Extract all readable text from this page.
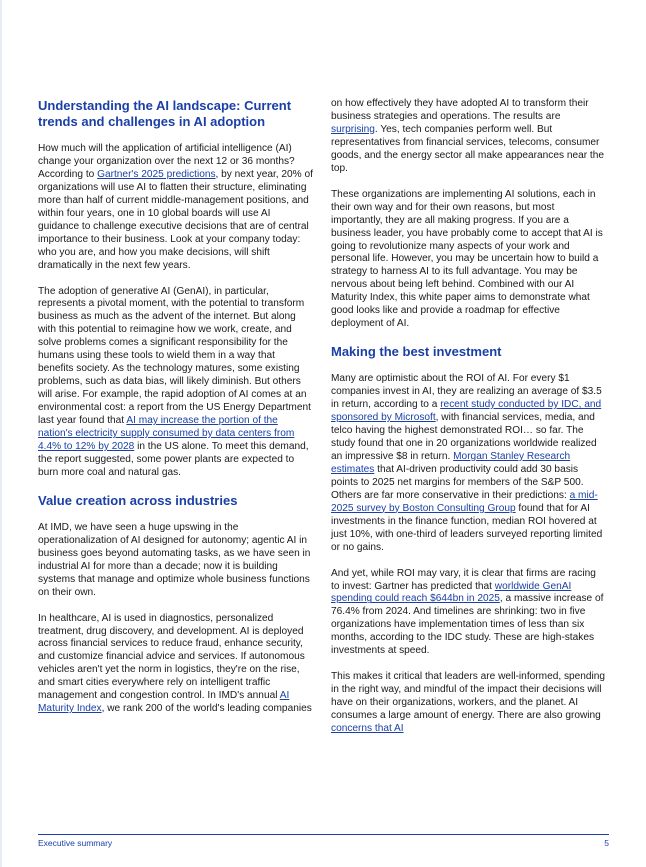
Understanding the AI landscape: Current trends and challenges in AI adoption

How much will the application of artificial intelligence (AI) change your organization over the next 12 or 36 months? According to Gartner's 2025 predictions, by next year, 20% of organizations will use AI to flatten their structure, eliminating more than half of current middle-management positions, and within four years, one in 10 global boards will use AI guidance to challenge executive decisions that are of central importance to their business. Look at your company today: who you are, and how you make decisions, will shift dramatically in the next few years.

The adoption of generative AI (GenAI), in particular, represents a pivotal moment, with the potential to transform business as much as the advent of the internet. But along with this potential to reimagine how we work, create, and solve problems comes a significant responsibility for the humans using these tools to wield them in a way that benefits society. As the technology matures, some existing problems, such as data bias, will likely diminish. But others will arise. For example, the rapid adoption of AI comes at an environmental cost: a report from the US Energy Department last year found that AI may increase the portion of the nation's electricity supply consumed by data centers from 4.4% to 12% by 2028 in the US alone. To meet this demand, the report suggested, some power plants are expected to burn more coal and natural gas.

Value creation across industries

At IMD, we have seen a huge upswing in the operationalization of AI designed for autonomy; agentic AI in business goes beyond automating tasks, as we have seen in industrial AI for more than a decade; now it is building systems that manage and optimize whole business functions on their own.

In healthcare, AI is used in diagnostics, personalized treatment, drug discovery, and development. AI is deployed across financial services to reduce fraud, enhance security, and customize financial advice and services. If autonomous vehicles aren't yet the norm in logistics, they're on the rise, and smart cities everywhere rely on intelligent traffic management and congestion control. In IMD's annual AI Maturity Index, we rank 200 of the world's leading companies

on how effectively they have adopted AI to transform their business strategies and operations. The results are surprising. Yes, tech companies perform well. But representatives from financial services, telecoms, consumer goods, and the energy sector all make appearances near the top.

These organizations are implementing AI solutions, each in their own way and for their own reasons, but most importantly, they are all making progress. If you are a business leader, you have probably come to accept that AI is going to revolutionize many aspects of your work and personal life. However, you may be uncertain how to build a strategy to harness AI to its full advantage. You may be nervous about being left behind. Combined with our AI Maturity Index, this white paper aims to demonstrate what good looks like and provide a roadmap for effective deployment of AI.

Making the best investment

Many are optimistic about the ROI of AI. For every $1 companies invest in AI, they are realizing an average of $3.5 in return, according to a recent study conducted by IDC, and sponsored by Microsoft, with financial services, media, and telco having the highest demonstrated ROI… so far. The study found that one in 20 organizations worldwide realized an impressive $8 in return. Morgan Stanley Research estimates that AI-driven productivity could add 30 basis points to 2025 net margins for members of the S&P 500. Others are far more conservative in their predictions: a mid-2025 survey by Boston Consulting Group found that for AI investments in the finance function, median ROI hovered at just 10%, with one-third of leaders surveyed reporting limited or no gains.

And yet, while ROI may vary, it is clear that firms are racing to invest: Gartner has predicted that worldwide GenAI spending could reach $644bn in 2025, a massive increase of 76.4% from 2024. And timelines are shrinking: two in five organizations have implementation times of less than six months, according to the IDC study. These are high-stakes investments at speed.

This makes it critical that leaders are well-informed, spending in the right way, and mindful of the impact their decisions will have on their organizations, workers, and the planet. AI consumes a large amount of energy. There are also growing concerns that AI

Executive summary	5
